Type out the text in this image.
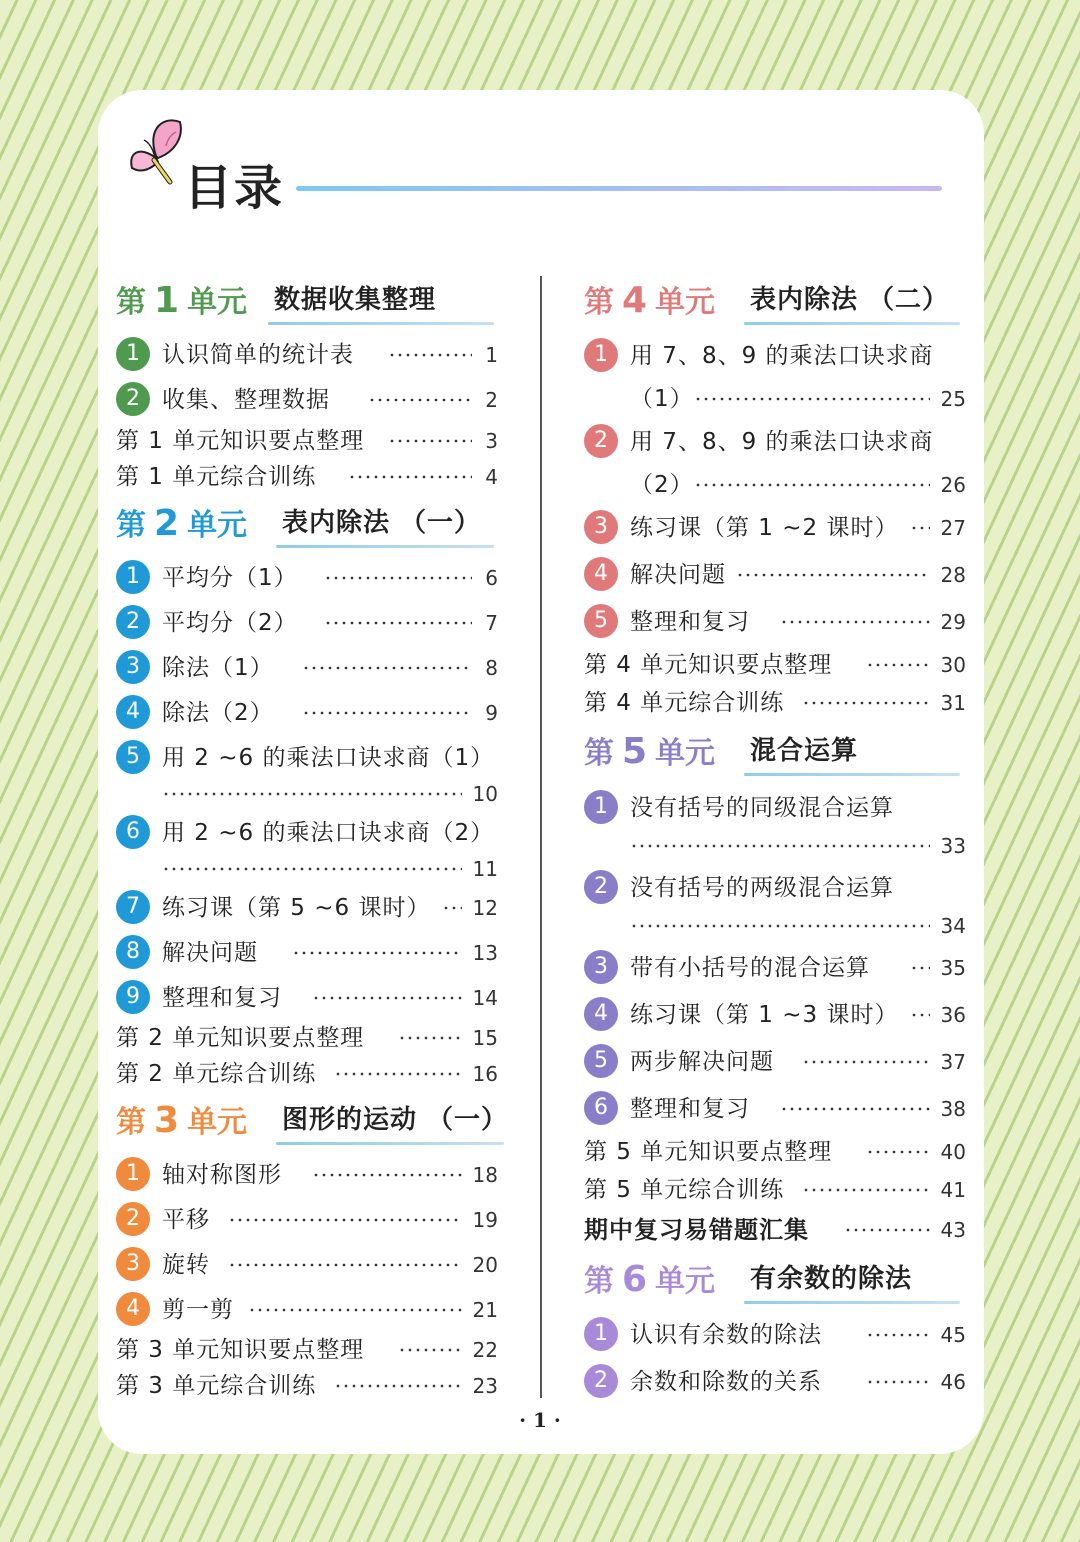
目录
· 1 ·
第 1 单元 数据收集整理
1 认识简单的统计表	1
2 收集、整理数据	2
第 1 单元知识要点整理	3
第 1 单元综合训练	4
第 2 单元 表内除法 （一）
1 平均分（1）	6
2 平均分（2）	7
3 除法（1）	8
4 除法（2）	9
5 用 2 ~6 的乘法口诀求商（1）
10
6 用 2 ~6 的乘法口诀求商（2）
11
7 练习课（第 5 ~6 课时） 12
8 解决问题	13
9 整理和复习	14
第 2 单元知识要点整理	15
第 2 单元综合训练	16
第 3 单元 图形的运动 （一）
1 轴对称图形	18
2 平移	19
3 旋转	20
4 剪一剪	21
第 3 单元知识要点整理	22
第 3 单元综合训练	23
第 4 单元 表内除法 （二）
1 用 7、8、9 的乘法口诀求商
（1）	25
2 用 7、8、9 的乘法口诀求商
（2）	26
3 练习课（第 1 ~2 课时） 27
4 解决问题	28
5 整理和复习	29
第 4 单元知识要点整理	30
第 4 单元综合训练	31
第 5 单元 混合运算
1 没有括号的同级混合运算
33
2 没有括号的两级混合运算
34
3 带有小括号的混合运算	35
4 练习课（第 1 ~3 课时） 36
5 两步解决问题	37
6 整理和复习	38
第 5 单元知识要点整理	40
第 5 单元综合训练	41
期中复习易错题汇集	43
第 6 单元 有余数的除法
1 认识有余数的除法	45
2 余数和除数的关系	46
